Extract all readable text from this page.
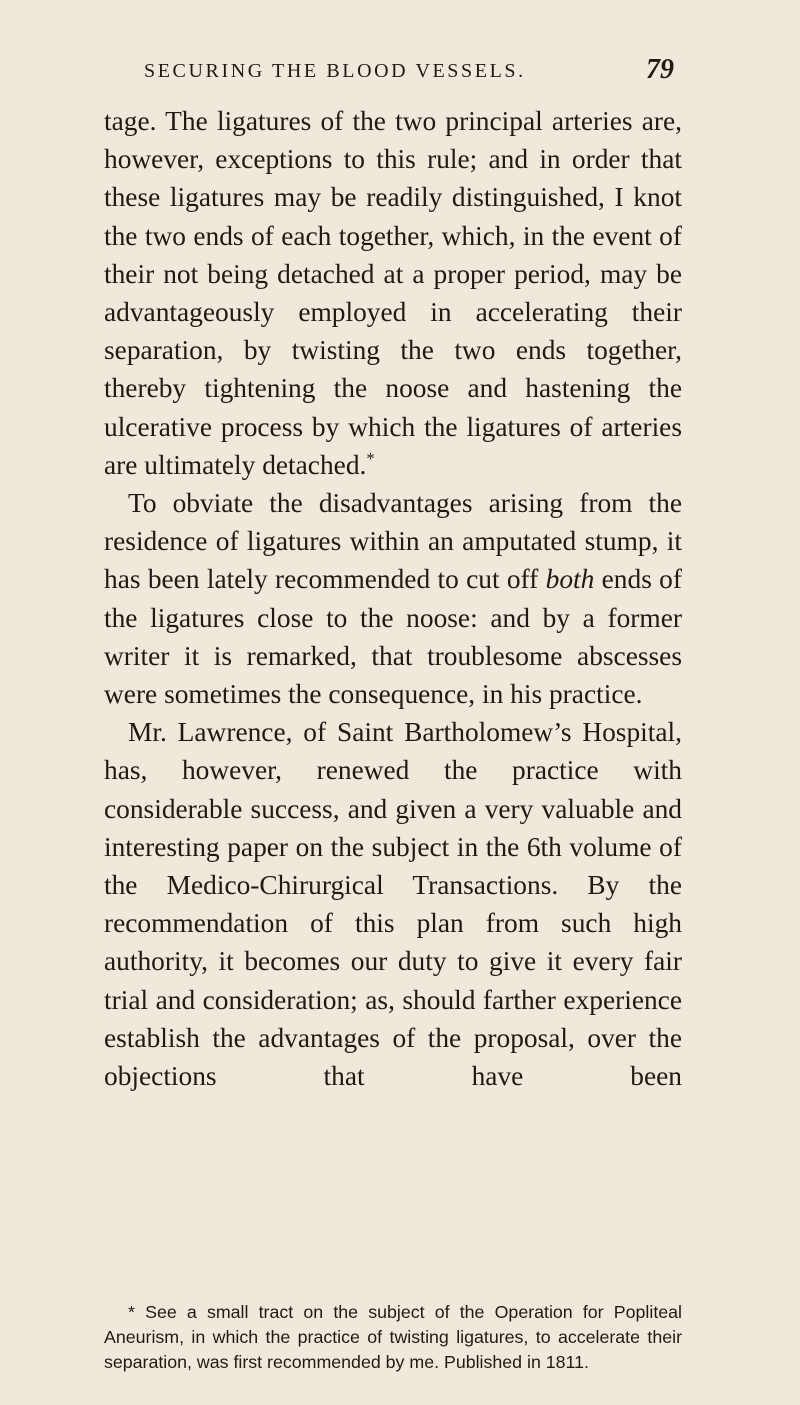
SECURING THE BLOOD VESSELS.	79

tage. The ligatures of the two principal arteries are, however, exceptions to this rule; and in order that these ligatures may be readily distinguished, I knot the two ends of each together, which, in the event of their not being detached at a proper period, may be advantageously employed in accelerating their separation, by twisting the two ends together, thereby tightening the noose and hastening the ulcerative process by which the ligatures of arteries are ultimately detached.*

To obviate the disadvantages arising from the residence of ligatures within an amputated stump, it has been lately recommended to cut off both ends of the ligatures close to the noose: and by a former writer it is remarked, that troublesome abscesses were sometimes the consequence, in his practice.

Mr. Lawrence, of Saint Bartholomew’s Hospital, has, however, renewed the practice with considerable success, and given a very valuable and interesting paper on the subject in the 6th volume of the Medico-Chirurgical Transactions. By the recommendation of this plan from such high authority, it becomes our duty to give it every fair trial and consideration; as, should farther experience establish the advantages of the proposal, over the objections that have been

* See a small tract on the subject of the Operation for Popliteal Aneurism, in which the practice of twisting ligatures, to accelerate their separation, was first recommended by me. Published in 1811.
